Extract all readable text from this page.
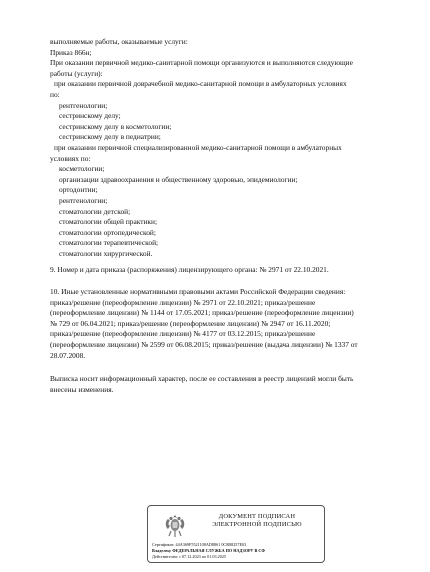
выполняемые работы, оказываемые услуги:
Приказ 866н;
При оказании первичной медико-санитарной помощи организуются и выполняются следующие
работы (услуги):
при оказании первичной доврачебной медико-санитарной помощи в амбулаторных условиях
по:
рентгенологии;
сестринскому делу;
сестринскому делу в косметологии;
сестринскому делу в педиатрии;
при оказании первичной специализированной медико-санитарной помощи в амбулаторных
условиях по:
косметологии;
организации здравоохранения и общественному здоровью, эпидемиологии;
ортодонтии;
рентгенологии;
стоматологии детской;
стоматологии общей практики;
стоматологии ортопедической;
стоматологии терапевтической;
стоматологии хирургической.
9. Номер и дата приказа (распоряжения) лицензирующего органа: № 2971 от 22.10.2021.
10. Иные установленные нормативными правовыми актами Российской Федерации сведения:
приказ/решение (переоформление лицензии) № 2971 от 22.10.2021; приказ/решение
(переоформление лицензии) № 1144 от 17.05.2021; приказ/решение (переоформление лицензии)
№ 729 от 06.04.2021; приказ/решение (переоформление лицензии) № 2947 от 16.11.2020;
приказ/решение (переоформление лицензии) № 4177 от 03.12.2015; приказ/решение
(переоформление лицензии) № 2599 от 06.08.2015; приказ/решение (выдача лицензии) № 1337 от
28.07.2008.
Выписка носит информационный характер, после ее составления в реестр лицензий могли быть
внесены изменения.
ДОКУМЕНТ ПОДПИСАН
ЭЛЕКТРОННОЙ ПОДПИСЬЮ
Сертификат: 44A369F5521108AD8861 0C8B8257E03
Владелец: ФЕДЕРАЛЬНАЯ СЛУЖБА ПО НАДЗОРУ В СФ
Действителен: с 07.12.2023 по 01.03.2025
